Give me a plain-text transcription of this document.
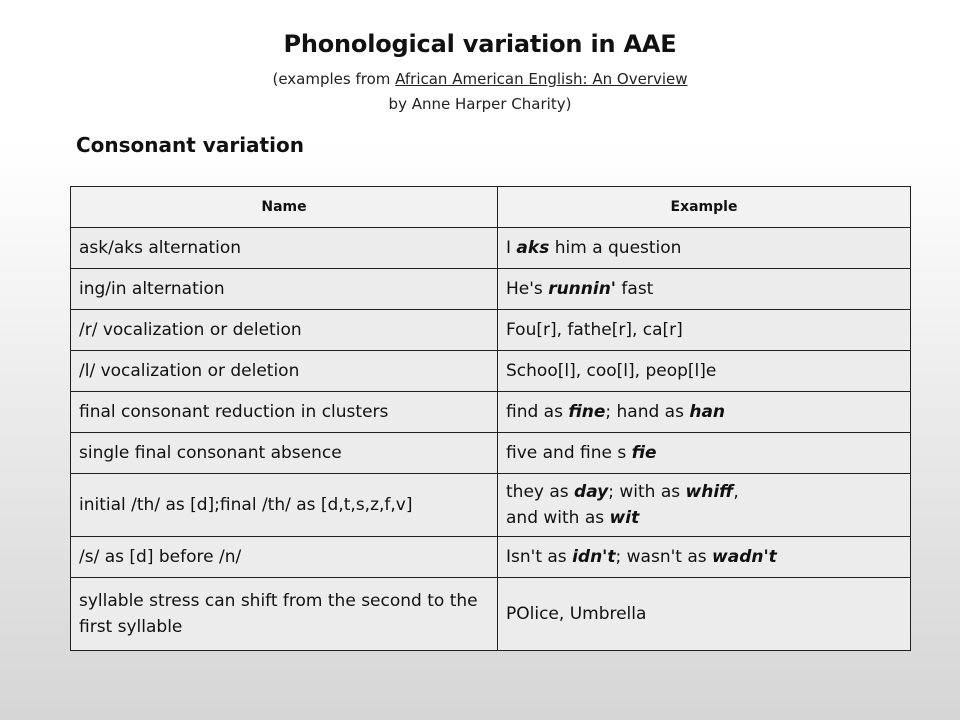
Phonological variation in AAE
(examples from African American English: An Overview
by Anne Harper Charity)
Consonant variation
Name	Example
ask/aks alternation	I aks him a question
ing/in alternation	He's runnin' fast
/r/ vocalization or deletion	Fou[r], fathe[r], ca[r]
/l/ vocalization or deletion	Schoo[l], coo[l], peop[l]e
final consonant reduction in clusters	find as fine; hand as han
single final consonant absence	five and fine s fie
initial /th/ as [d];final /th/ as [d,t,s,z,f,v]	they as day; with as whiff,
and with as wit
/s/ as [d] before /n/	Isn't as idn't; wasn't as wadn't
syllable stress can shift from the second to the first syllable	POlice, Umbrella
